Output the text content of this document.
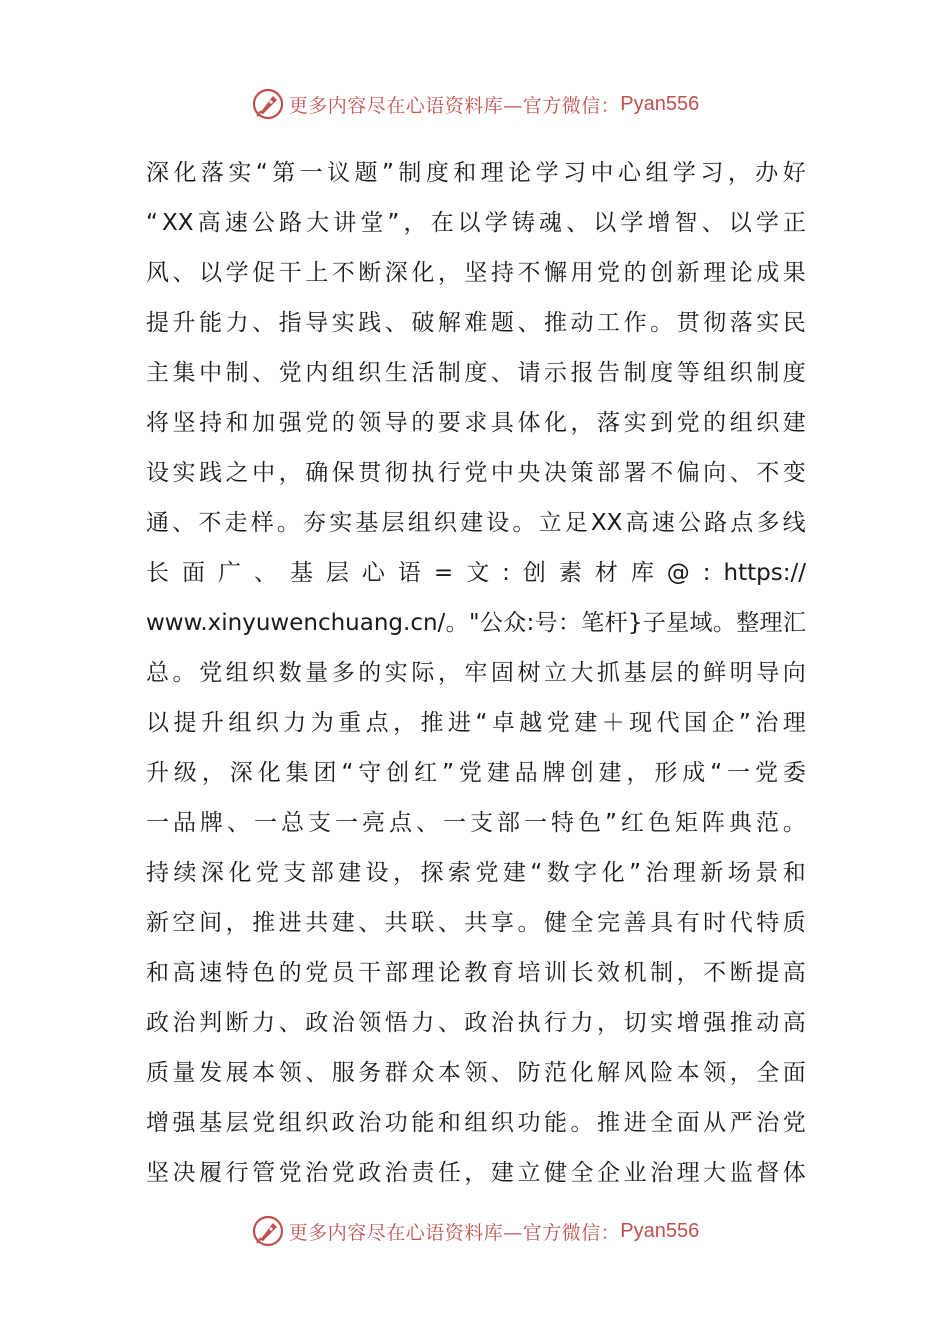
更多内容尽在心语资料库—官方微信： Pyan556
深 化 落 实 “ 第 一 议 题 ” 制 度 和 理 论 学 习 中 心 组 学 习 ， 办 好
“ XX 高 速 公 路 大 讲 堂 ” ， 在 以 学 铸 魂 、 以 学 增 智 、 以 学 正
风 、 以 学 促 干 上 不 断 深 化 ， 坚 持 不 懈 用 党 的 创 新 理 论 成 果
提 升 能 力 、 指 导 实 践 、 破 解 难 题 、 推 动 工 作 。 贯 彻 落 实 民
主 集 中 制 、 党 内 组 织 生 活 制 度 、 请 示 报 告 制 度 等 组 织 制 度
将 坚 持 和 加 强 党 的 领 导 的 要 求 具 体 化 ， 落 实 到 党 的 组 织 建
设 实 践 之 中 ， 确 保 贯 彻 执 行 党 中 央 决 策 部 署 不 偏 向 、 不 变
通 、 不 走 样 。 夯 实 基 层 组 织 建 设 。 立 足 XX 高 速 公 路 点 多 线
长 面 广 、 基 层 心 语 = 文 : 创 素 材 库 @ : https://
www.xinyuwenchuang.cn/ 。 " 公 众 : 号 ： 笔 杆 } 子 星 域 。 整 理 汇
总 。 党 组 织 数 量 多 的 实 际 ， 牢 固 树 立 大 抓 基 层 的 鲜 明 导 向
以 提 升 组 织 力 为 重 点 ， 推 进 “ 卓 越 党 建 ＋ 现 代 国 企 ” 治 理
升 级 ， 深 化 集 团 “ 守 创 红 ” 党 建 品 牌 创 建 ， 形 成 “ 一 党 委
一 品 牌 、 一 总 支 一 亮 点 、 一 支 部 一 特 色 ” 红 色 矩 阵 典 范 。
持 续 深 化 党 支 部 建 设 ， 探 索 党 建 “ 数 字 化 ” 治 理 新 场 景 和
新 空 间 ， 推 进 共 建 、 共 联 、 共 享 。 健 全 完 善 具 有 时 代 特 质
和 高 速 特 色 的 党 员 干 部 理 论 教 育 培 训 长 效 机 制 ， 不 断 提 高
政 治 判 断 力 、 政 治 领 悟 力 、 政 治 执 行 力 ， 切 实 增 强 推 动 高
质 量 发 展 本 领 、 服 务 群 众 本 领 、 防 范 化 解 风 险 本 领 ， 全 面
增 强 基 层 党 组 织 政 治 功 能 和 组 织 功 能 。 推 进 全 面 从 严 治 党
坚 决 履 行 管 党 治 党 政 治 责 任 ， 建 立 健 全 企 业 治 理 大 监 督 体
更多内容尽在心语资料库—官方微信： Pyan556
